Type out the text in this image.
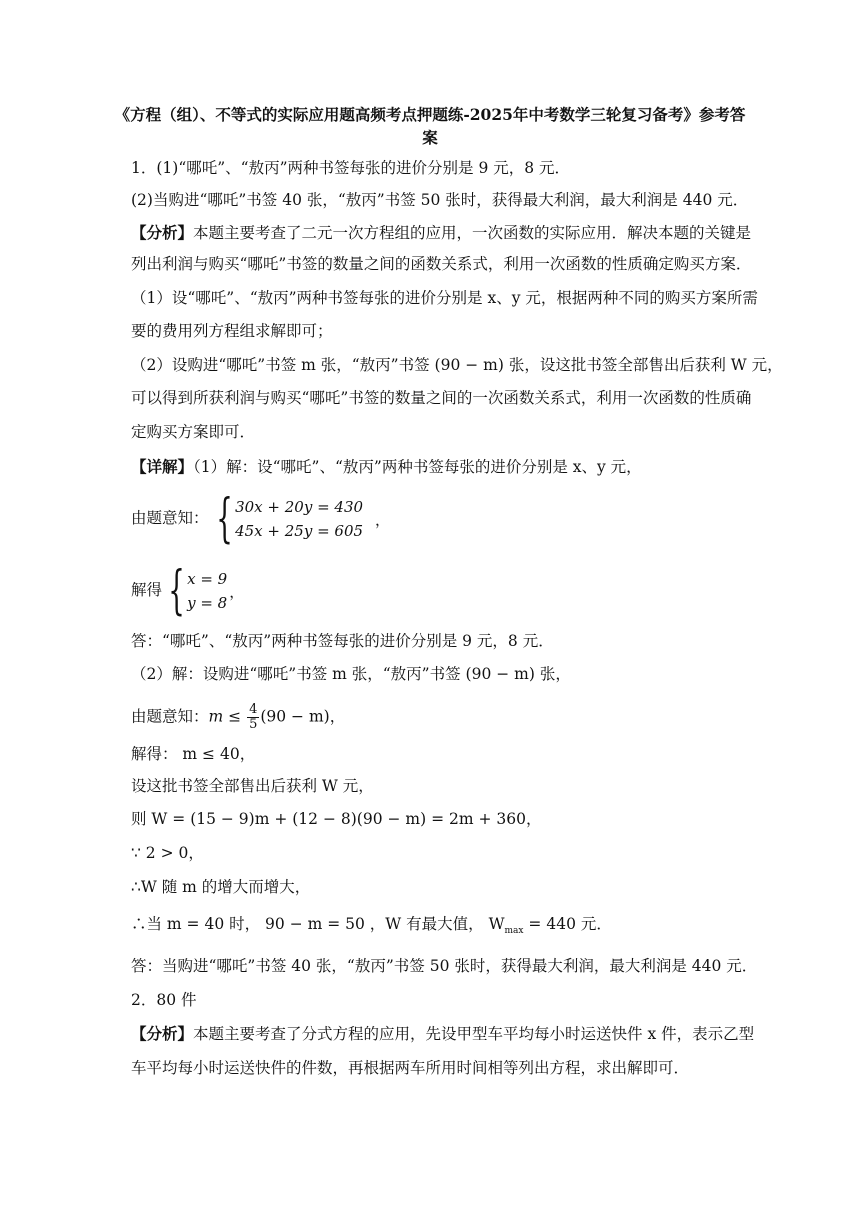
《方程（组）、不等式的实际应用题高频考点押题练-2025年中考数学三轮复习备考》参考答案
1．(1)“哪吒”、“敖丙”两种书签每张的进价分别是 9 元，8 元．
(2)当购进“哪吒”书签 40 张，“敖丙”书签 50 张时，获得最大利润，最大利润是 440 元．
【分析】本题主要考查了二元一次方程组的应用，一次函数的实际应用．解决本题的关键是
列出利润与购买“哪吒”书签的数量之间的函数关系式，利用一次函数的性质确定购买方案．
（1）设“哪吒”、“敖丙”两种书签每张的进价分别是 x、y 元，根据两种不同的购买方案所需
要的费用列方程组求解即可；
（2）设购进“哪吒”书签 m 张，“敖丙”书签 (90 − m) 张，设这批书签全部售出后获利 W 元，
可以得到所获利润与购买“哪吒”书签的数量之间的一次函数关系式，利用一次函数的性质确
定购买方案即可．
【详解】（1）解：设“哪吒”、“敖丙”两种书签每张的进价分别是 x、y 元，
由题意知： { 30x + 20y = 430
45x + 25y = 605
，
解得 { x = 9
y = 8
，
答：“哪吒”、“敖丙”两种书签每张的进价分别是 9 元，8 元．
（2）解：设购进“哪吒”书签 m 张，“敖丙”书签 (90 − m) 张，
由题意知：$m \le \frac{4}{5} (90 - m)$，
解得： m ≤ 40，
设这批书签全部售出后获利 W 元，
则 W = (15 − 9)m + (12 − 8)(90 − m) = 2m + 360，
∵ 2 > 0，
∴W 随 m 的增大而增大，
∴当 m = 40 时， 90 − m = 50 ，W 有最大值， $W_{max} = 440$ 元．
答：当购进“哪吒”书签 40 张，“敖丙”书签 50 张时，获得最大利润，最大利润是 440 元．
2．80 件
【分析】本题主要考查了分式方程的应用，先设甲型车平均每小时运送快件 x 件，表示乙型
车平均每小时运送快件的件数，再根据两车所用时间相等列出方程，求出解即可．
